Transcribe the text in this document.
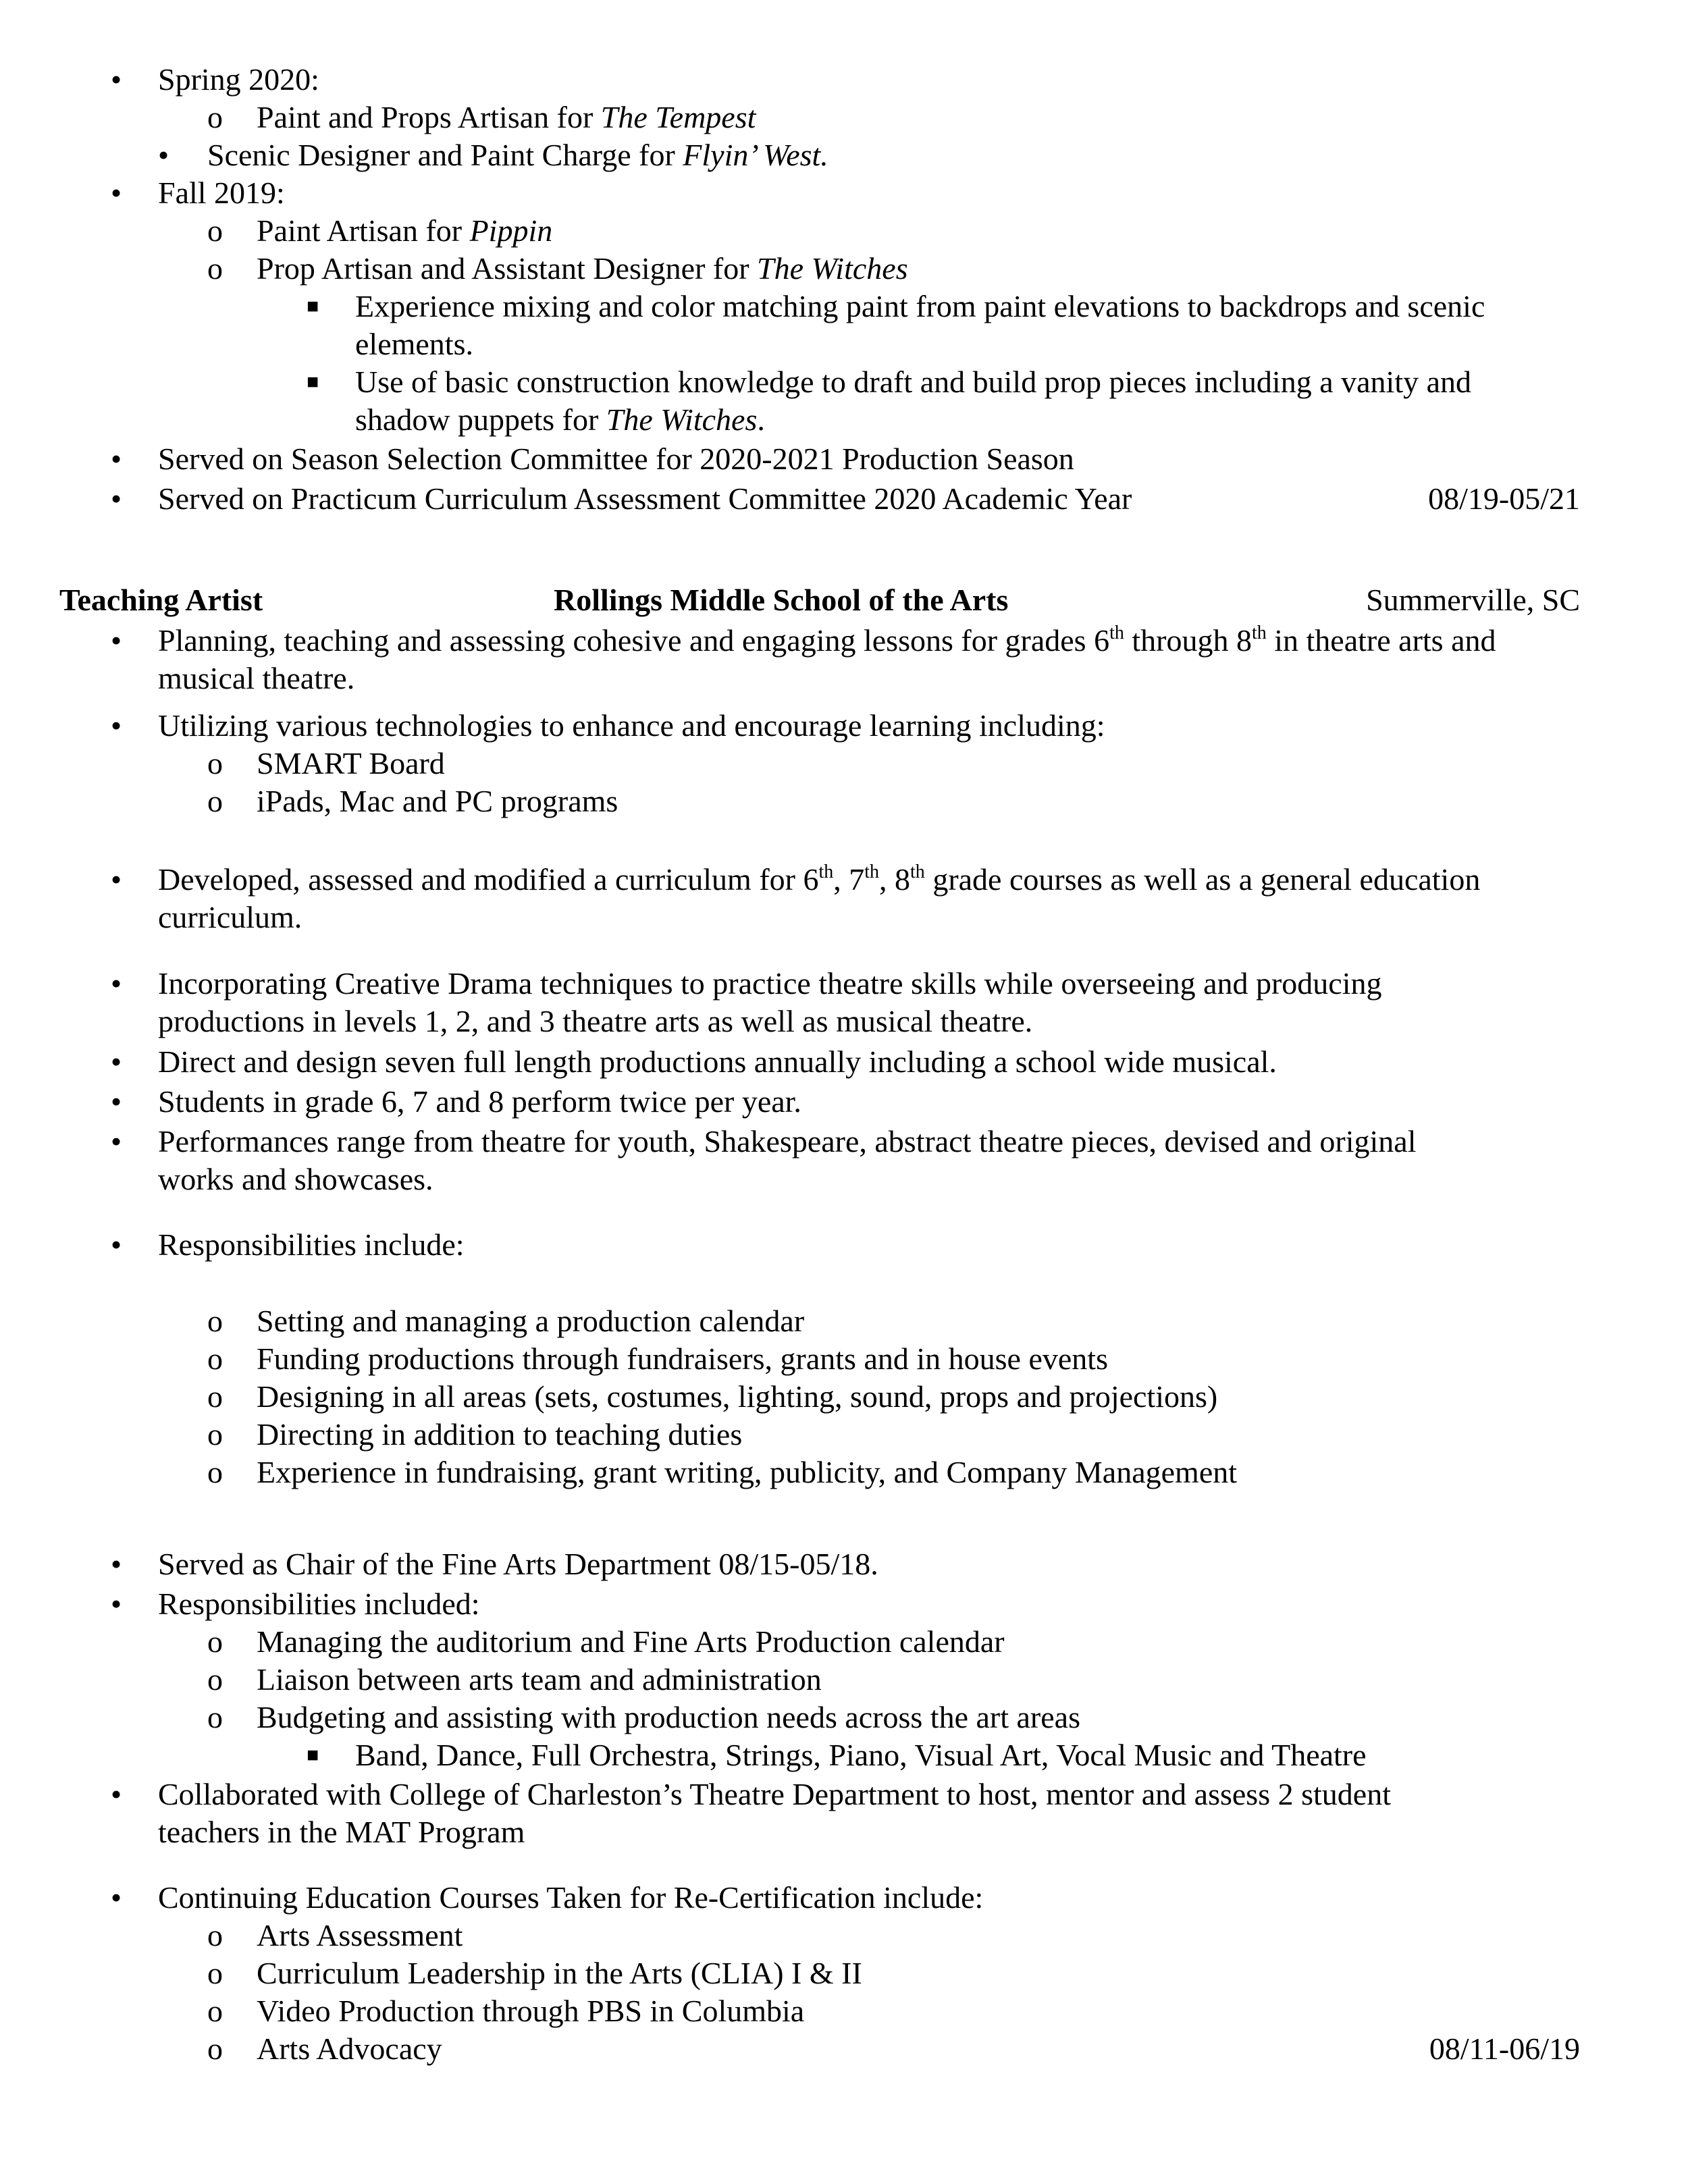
• Spring 2020:
o Paint and Props Artisan for The Tempest
• Scenic Designer and Paint Charge for Flyin’ West.
• Fall 2019:
o Paint Artisan for Pippin
o Prop Artisan and Assistant Designer for The Witches
■ Experience mixing and color matching paint from paint elevations to backdrops and scenic
elements.
■ Use of basic construction knowledge to draft and build prop pieces including a vanity and
shadow puppets for The Witches.
• Served on Season Selection Committee for 2020-2021 Production Season
• Served on Practicum Curriculum Assessment Committee 2020 Academic Year	08/19-05/21
Teaching Artist	Rollings Middle School of the Arts	Summerville, SC
• Planning, teaching and assessing cohesive and engaging lessons for grades 6th through 8th in theatre arts and
musical theatre.
• Utilizing various technologies to enhance and encourage learning including:
o SMART Board
o iPads, Mac and PC programs
• Developed, assessed and modified a curriculum for 6th, 7th, 8th grade courses as well as a general education
curriculum.
• Incorporating Creative Drama techniques to practice theatre skills while overseeing and producing
productions in levels 1, 2, and 3 theatre arts as well as musical theatre.
• Direct and design seven full length productions annually including a school wide musical.
• Students in grade 6, 7 and 8 perform twice per year.
• Performances range from theatre for youth, Shakespeare, abstract theatre pieces, devised and original
works and showcases.
• Responsibilities include:
o Setting and managing a production calendar
o Funding productions through fundraisers, grants and in house events
o Designing in all areas (sets, costumes, lighting, sound, props and projections)
o Directing in addition to teaching duties
o Experience in fundraising, grant writing, publicity, and Company Management
• Served as Chair of the Fine Arts Department 08/15-05/18.
• Responsibilities included:
o Managing the auditorium and Fine Arts Production calendar
o Liaison between arts team and administration
o Budgeting and assisting with production needs across the art areas
■ Band, Dance, Full Orchestra, Strings, Piano, Visual Art, Vocal Music and Theatre
• Collaborated with College of Charleston’s Theatre Department to host, mentor and assess 2 student
teachers in the MAT Program
• Continuing Education Courses Taken for Re-Certification include:
o Arts Assessment
o Curriculum Leadership in the Arts (CLIA) I & II
o Video Production through PBS in Columbia
o Arts Advocacy	08/11-06/19
